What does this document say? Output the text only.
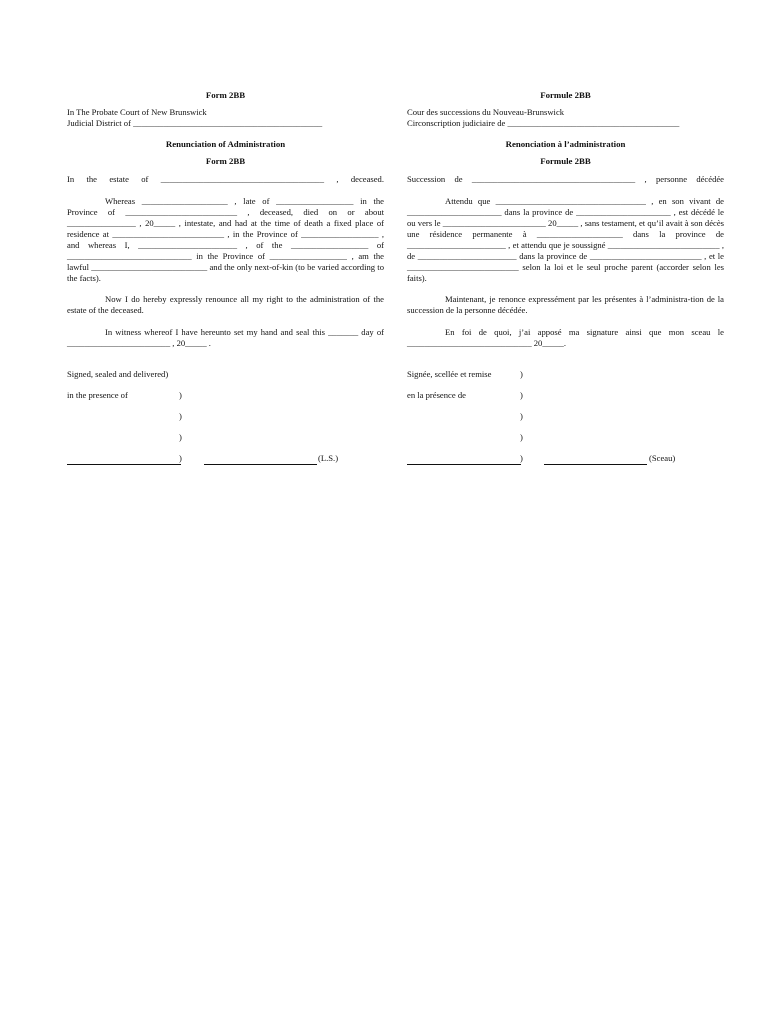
Form 2BB

In The Probate Court of New Brunswick

Judicial District of ____________________________________________

Renunciation of Administration

Form 2BB

In the estate of ______________________________________ , deceased.

Whereas ____________________ , late of __________________ in the Province of __________________________ , deceased, died on or about ________________ , 20_____ , intestate, and had at the time of death a fixed place of residence at __________________________ , in the Province of __________________ , and whereas I, _______________________ , of the __________________ of _____________________________ in the Province of __________________ , am the lawful ___________________________ and the only next-of-kin (to be varied according to the facts).

Now I do hereby expressly renounce all my right to the administration of the estate of the deceased.

In witness whereof I have hereunto set my hand and seal this _______ day of ________________________ , 20_____ .

Signed, sealed and delivered)
in the presence of	)
)
)
)	(L.S.)

Formule 2BB

Cour des successions du Nouveau-Brunswick

Circonscription judiciaire de ________________________________________

Renonciation à l’administration

Formule 2BB

Succession de ______________________________________ , personne décédée

Attendu que ___________________________________ , en son vivant de ______________________ dans la province de ______________________ , est décédé le ou vers le ________________________ 20_____ , sans testament, et qu’il avait à son décès une résidence permanente à ____________________ dans la province de _______________________ , et attendu que je soussigné __________________________ , de _______________________ dans la province de __________________________ , et le __________________________ selon la loi et le seul proche parent (accorder selon les faits).

Maintenant, je renonce expressément par les présentes à l’administra-tion de la succession de la personne décédée.

En foi de quoi, j’ai apposé ma signature ainsi que mon sceau le _____________________________ 20_____.

Signée, scellée et remise	)
en la présence de	)
)
)
)	(Sceau)
